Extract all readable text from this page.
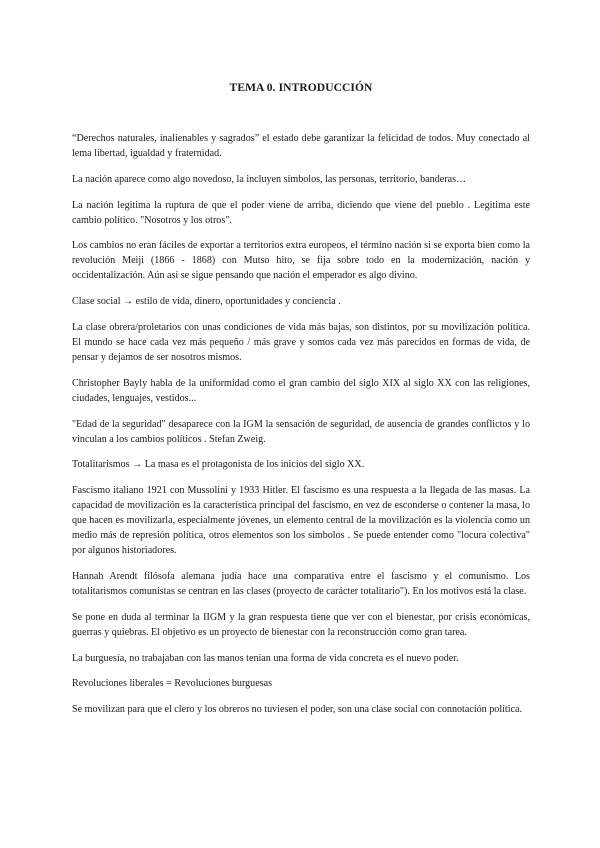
TEMA 0. INTRODUCCIÓN

“Derechos naturales, inalienables y sagrados” el estado debe garantizar la felicidad de todos. Muy conectado al lema libertad, igualdad y fraternidad.

La nación aparece como algo novedoso, la incluyen símbolos, las personas, territorio, banderas…

La nación legitima la ruptura de que el poder viene de arriba, diciendo que viene del pueblo . Legitima este cambio político. "Nosotros y los otros".

Los cambios no eran fáciles de exportar a territorios extra europeos, el término nación si se exporta bien como la revolución Meiji (1866 - 1868) con Mutso hito, se fija sobre todo en la modernización, nación y occidentalización. Aún así se sigue pensando que nación el emperador es algo divino.

Clase social → estilo de vida, dinero, oportunidades y conciencia .

La clase obrera/proletarios con unas condiciones de vida más bajas, son distintos, por su movilización política. El mundo se hace cada vez más pequeño / más grave y somos cada vez más parecidos en formas de vida, de pensar y dejamos de ser nosotros mismos.

Christopher Bayly habla de la uniformidad como el gran cambio del siglo XIX al siglo XX con las religiones, ciudades, lenguajes, vestidos...

"Edad de la seguridad" desaparece con la IGM la sensación de seguridad, de ausencia de grandes conflictos y lo vinculan a los cambios políticos . Stefan Zweig.

Totalitarismos → La masa es el protagonista de los inicios del siglo XX.

Fascismo italiano 1921 con Mussolini y 1933 Hitler. El fascismo es una respuesta a la llegada de las masas. La capacidad de movilización es la característica principal del fascismo, en vez de esconderse o contener la masa, lo que hacen es movilizarla, especialmente jóvenes, un elemento central de la movilización es la violencia como un medio más de represión política, otros elementos son los símbolos . Se puede entender como "locura colectiva" por algunos historiadores.

Hannah Arendt filósofa alemana judía hace una comparativa entre el fascismo y el comunismo. Los totalitarismos comunistas se centran en las clases (proyecto de carácter totalitario"). En los motivos está la clase.

Se pone en duda al terminar la IIGM y la gran respuesta tiene que ver con el bienestar, por crisis económicas, guerras y quiebras. El objetivo es un proyecto de bienestar con la reconstrucción como gran tarea.

La burguesía, no trabajaban con las manos tenían una forma de vida concreta es el nuevo poder.

Revoluciones liberales = Revoluciones burguesas

Se movilizan para que el clero y los obreros no tuviesen el poder, son una clase social con connotación política.
